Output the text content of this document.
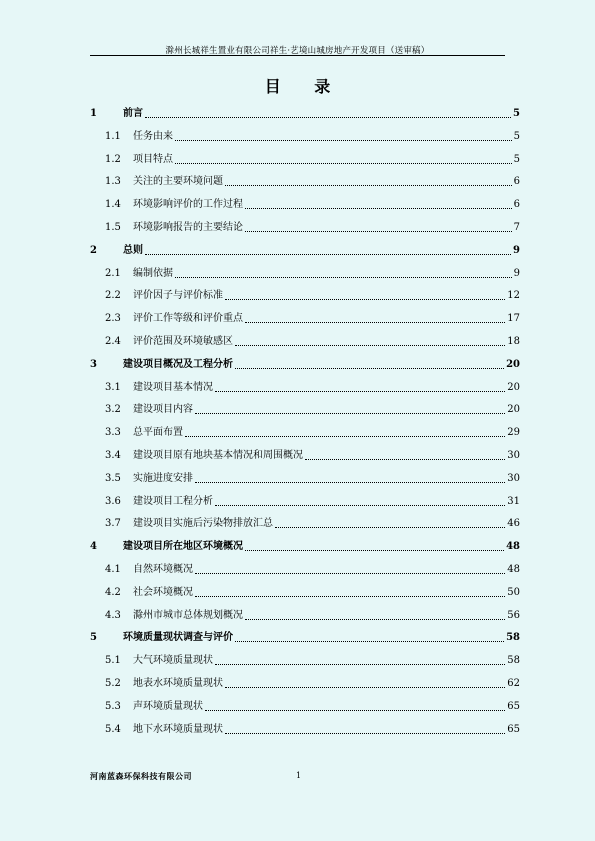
滁州长城祥生置业有限公司祥生·艺境山城房地产开发项目（送审稿）
目 录
1	前言	5
1.1	任务由来	5
1.2	项目特点	5
1.3	关注的主要环境问题	6
1.4	环境影响评价的工作过程	6
1.5	环境影响报告的主要结论	7
2	总则	9
2.1	编制依据	9
2.2	评价因子与评价标准	12
2.3	评价工作等级和评价重点	17
2.4	评价范围及环境敏感区	18
3	建设项目概况及工程分析	20
3.1	建设项目基本情况	20
3.2	建设项目内容	20
3.3	总平面布置	29
3.4	建设项目原有地块基本情况和周围概况	30
3.5	实施进度安排	30
3.6	建设项目工程分析	31
3.7	建设项目实施后污染物排放汇总	46
4	建设项目所在地区环境概况	48
4.1	自然环境概况	48
4.2	社会环境概况	50
4.3	滁州市城市总体规划概况	56
5	环境质量现状调查与评价	58
5.1	大气环境质量现状	58
5.2	地表水环境质量现状	62
5.3	声环境质量现状	65
5.4	地下水环境质量现状	65
河南蓝森环保科技有限公司	1
